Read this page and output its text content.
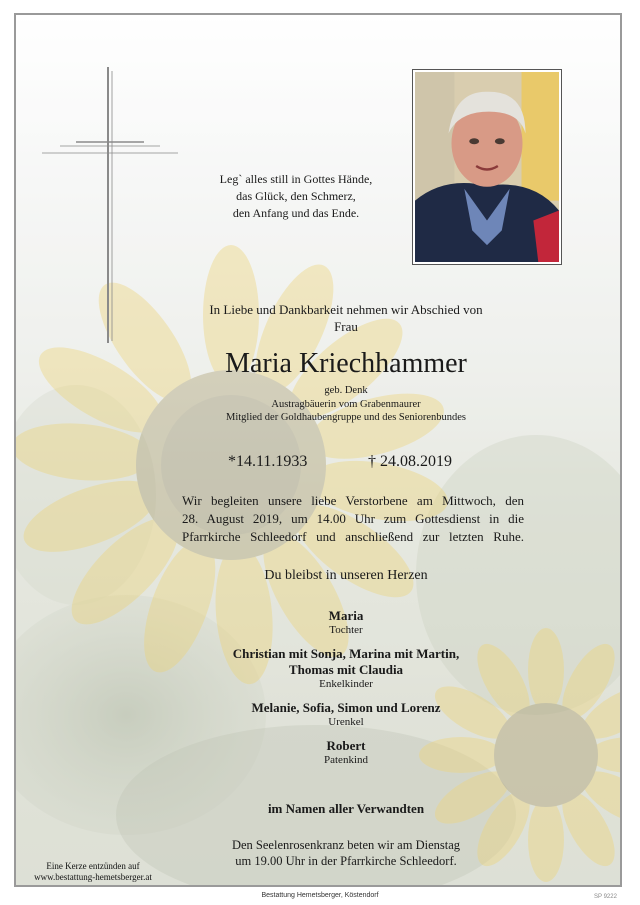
Leg` alles still in Gottes Hände,
das Glück, den Schmerz,
den Anfang und das Ende.
In Liebe und Dankbarkeit nehmen wir Abschied von
Frau
Maria Kriechhammer
geb. Denk
Austragbäuerin vom Grabenmaurer
Mitglied der Goldhaubengruppe und des Seniorenbundes
*14.11.1933	† 24.08.2019
Wir begleiten unsere liebe Verstorbene am Mittwoch, den
28. August 2019, um 14.00 Uhr zum Gottesdienst in die
Pfarrkirche Schleedorf und anschließend zur letzten Ruhe.
Du bleibst in unseren Herzen
Maria
Tochter
Christian mit Sonja, Marina mit Martin,
Thomas mit Claudia
Enkelkinder
Melanie, Sofia, Simon und Lorenz
Urenkel
Robert
Patenkind
im Namen aller Verwandten
Den Seelenrosenkranz beten wir am Dienstag
um 19.00 Uhr in der Pfarrkirche Schleedorf.
Eine Kerze entzünden auf
www.bestattung-hemetsberger.at
Bestattung Hemetsberger, Köstendorf	SP 9222
